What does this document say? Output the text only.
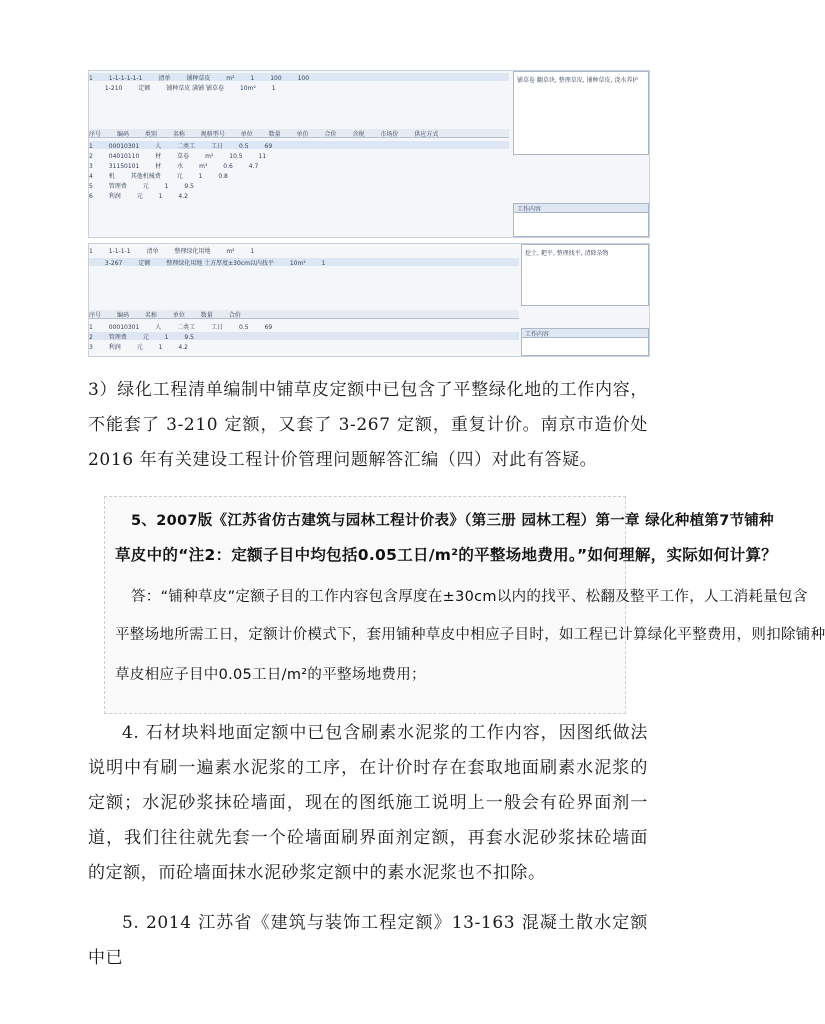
1	1-1-1-1-1-1	清单	铺种草皮	m²	1	100	100
1-210	定额	铺种草皮 满铺 铺草卷	10m²	1
序号	编码	类别	名称	规格型号	单位	数量	单价	合价	含税	市场价	供应方式
1	00010301	人	二类工	工日	0.5	69
2	04010110	材	草卷	m²	10.5	11
3	31150101	材	水	m³	0.6	4.7
4	机	其他机械费	元	1	0.8
5	管理费	元	1	9.5
6	利润	元	1	4.2
铺草卷 翻草块, 整理草皮, 铺种草皮, 浇水养护
工作内容
1	1-1-1-1	清单	整理绿化用地	m²	1
3-267	定额	整理绿化用地 土方厚度±30cm以内找平	10m²	1
序号	编码	名称	单位	数量	合价
1	00010301	人	二类工	工日	0.5	69
2	管理费	元	1	9.5
3	利润	元	1	4.2
挖土, 耙平, 整理找平, 清除杂物
工作内容

3）绿化工程清单编制中铺草皮定额中已包含了平整绿化地的工作内容，不能套了 3-210 定额，又套了 3-267 定额，重复计价。南京市造价处 2016 年有关建设工程计价管理问题解答汇编（四）对此有答疑。

5、2007版《江苏省仿古建筑与园林工程计价表》（第三册 园林工程）第一章 绿化种植第7节铺种
草皮中的“注2：定额子目中均包括0.05工日/m²的平整场地费用。”如何理解，实际如何计算？
答：“铺种草皮”定额子目的工作内容包含厚度在±30cm以内的找平、松翻及整平工作，人工消耗量包含
平整场地所需工日，定额计价模式下，套用铺种草皮中相应子目时，如工程已计算绿化平整费用，则扣除铺种
草皮相应子目中0.05工日/m²的平整场地费用；

4. 石材块料地面定额中已包含刷素水泥浆的工作内容，因图纸做法说明中有刷一遍素水泥浆的工序，在计价时存在套取地面刷素水泥浆的定额；水泥砂浆抹砼墙面，现在的图纸施工说明上一般会有砼界面剂一道，我们往往就先套一个砼墙面刷界面剂定额，再套水泥砂浆抹砼墙面的定额，而砼墙面抹水泥砂浆定额中的素水泥浆也不扣除。

5. 2014 江苏省《建筑与装饰工程定额》13-163 混凝土散水定额中已
